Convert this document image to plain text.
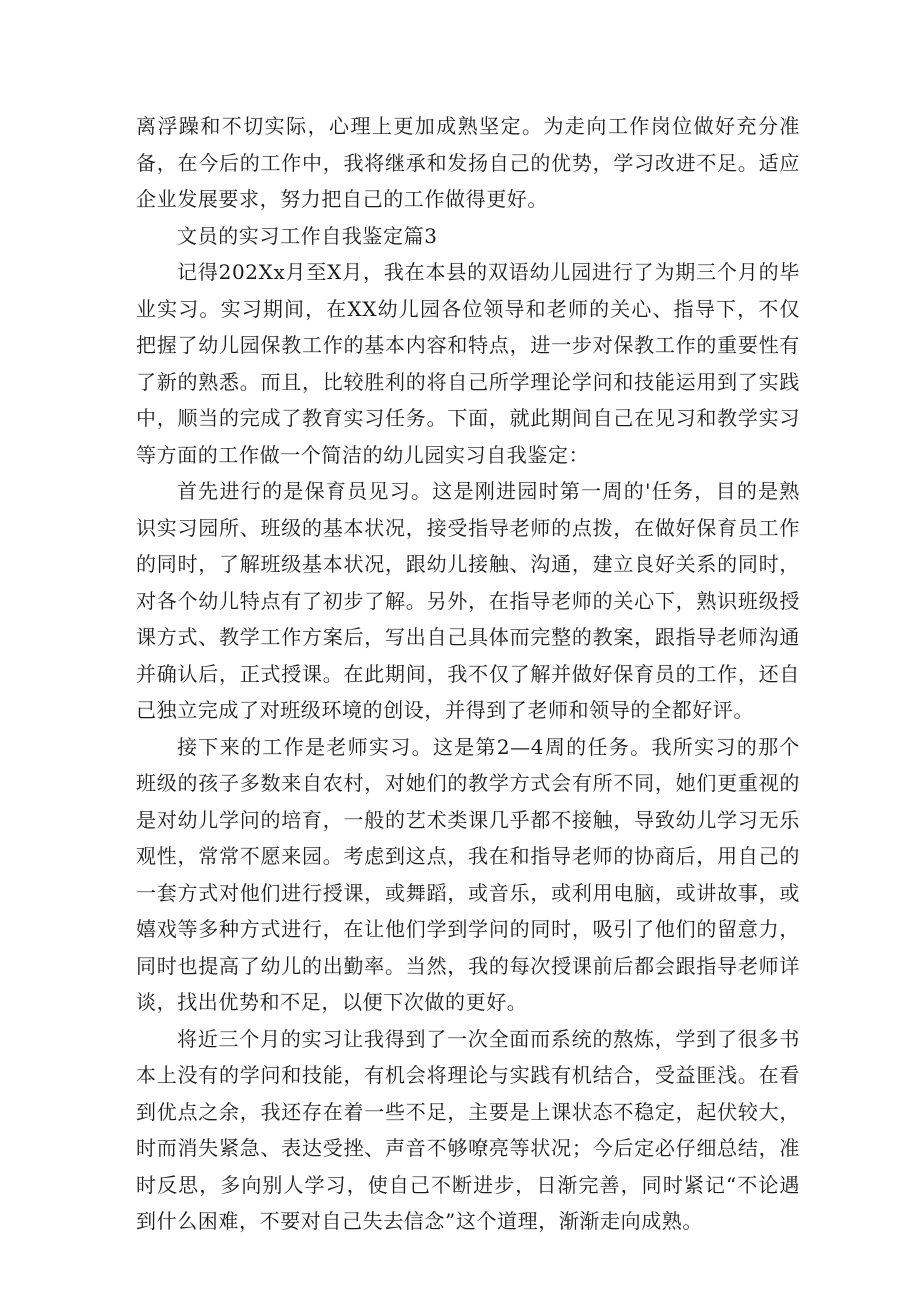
离浮躁和不切实际，心理上更加成熟坚定。为走向工作岗位做好充分准备，在今后的工作中，我将继承和发扬自己的优势，学习改进不足。适应企业发展要求，努力把自己的工作做得更好。

文员的实习工作自我鉴定篇3

记得202Xx月至X月，我在本县的双语幼儿园进行了为期三个月的毕业实习。实习期间，在XX幼儿园各位领导和老师的关心、指导下，不仅把握了幼儿园保教工作的基本内容和特点，进一步对保教工作的重要性有了新的熟悉。而且，比较胜利的将自己所学理论学问和技能运用到了实践中，顺当的完成了教育实习任务。下面，就此期间自己在见习和教学实习等方面的工作做一个简洁的幼儿园实习自我鉴定：

首先进行的是保育员见习。这是刚进园时第一周的'任务，目的是熟识实习园所、班级的基本状况，接受指导老师的点拨，在做好保育员工作的同时，了解班级基本状况，跟幼儿接触、沟通，建立良好关系的同时，对各个幼儿特点有了初步了解。另外，在指导老师的关心下，熟识班级授课方式、教学工作方案后，写出自己具体而完整的教案，跟指导老师沟通并确认后，正式授课。在此期间，我不仅了解并做好保育员的工作，还自己独立完成了对班级环境的创设，并得到了老师和领导的全都好评。

接下来的工作是老师实习。这是第2—4周的任务。我所实习的那个班级的孩子多数来自农村，对她们的教学方式会有所不同，她们更重视的是对幼儿学问的培育，一般的艺术类课几乎都不接触，导致幼儿学习无乐观性，常常不愿来园。考虑到这点，我在和指导老师的协商后，用自己的一套方式对他们进行授课，或舞蹈，或音乐，或利用电脑，或讲故事，或嬉戏等多种方式进行，在让他们学到学问的同时，吸引了他们的留意力，同时也提高了幼儿的出勤率。当然，我的每次授课前后都会跟指导老师详谈，找出优势和不足，以便下次做的更好。

将近三个月的实习让我得到了一次全面而系统的熬炼，学到了很多书本上没有的学问和技能，有机会将理论与实践有机结合，受益匪浅。在看到优点之余，我还存在着一些不足，主要是上课状态不稳定，起伏较大，时而消失紧急、表达受挫、声音不够嘹亮等状况；今后定必仔细总结，准时反思，多向别人学习，使自己不断进步，日渐完善，同时紧记“不论遇到什么困难，不要对自己失去信念”这个道理，渐渐走向成熟。
